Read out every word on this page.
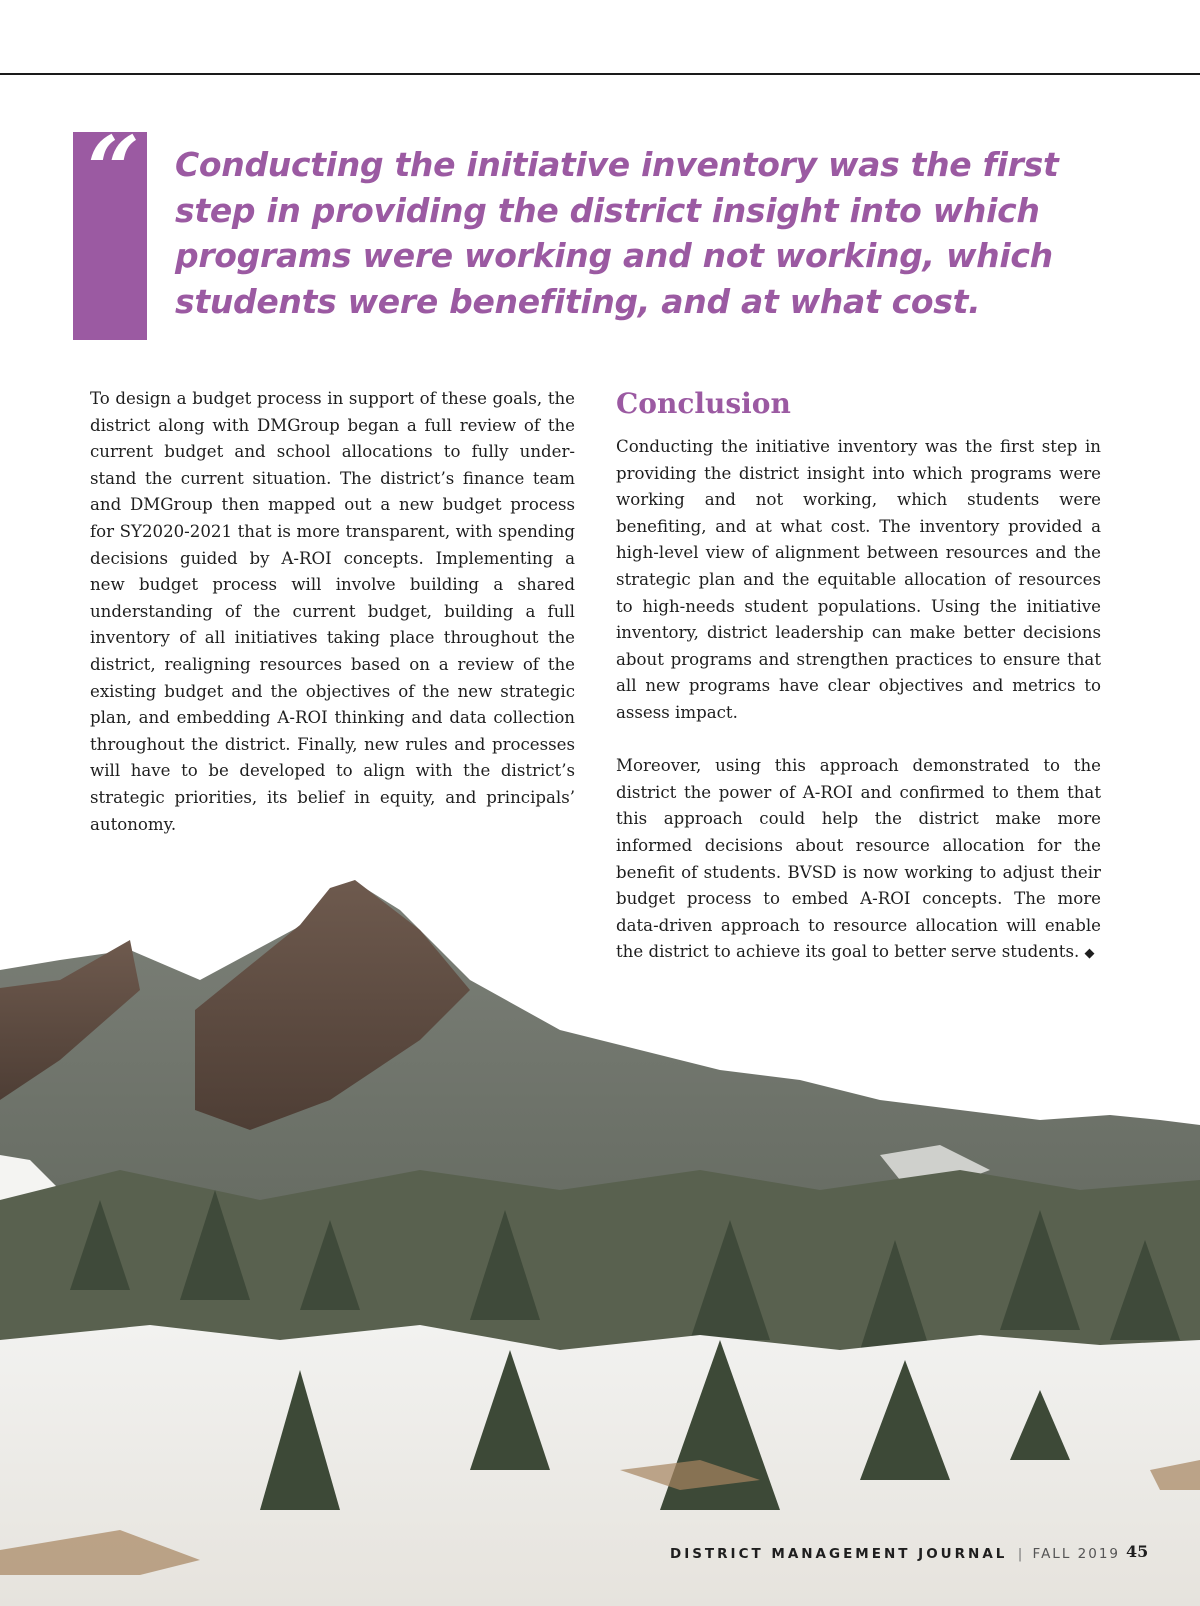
“ Conducting the initiative inventory was the first step in providing the district insight into which programs were working and not working, which students were benefiting, and at what cost.

To design a budget process in support of these goals, the district along with DMGroup began a full review of the current budget and school allocations to fully under-stand the current situation. The district’s finance team and DMGroup then mapped out a new budget process for SY2020-2021 that is more transparent, with spending decisions guided by A-ROI concepts. Implementing a new budget process will involve building a shared understanding of the current budget, building a full inventory of all initiatives taking place throughout the district, realigning resources based on a review of the existing budget and the objectives of the new strategic plan, and embedding A-ROI thinking and data collection throughout the district. Finally, new rules and processes will have to be developed to align with the district’s strategic priorities, its belief in equity, and principals’ autonomy.

Conclusion

Conducting the initiative inventory was the first step in providing the district insight into which programs were working and not working, which students were benefiting, and at what cost. The inventory provided a high-level view of alignment between resources and the strategic plan and the equitable allocation of resources to high-needs student populations. Using the initiative inventory, district leadership can make better decisions about programs and strengthen practices to ensure that all new programs have clear objectives and metrics to assess impact.

Moreover, using this approach demonstrated to the district the power of A-ROI and confirmed to them that this approach could help the district make more informed decisions about resource allocation for the benefit of students. BVSD is now working to adjust their budget process to embed A-ROI concepts. The more data-driven approach to resource allocation will enable the district to achieve its goal to better serve students. ◆

DISTRICT MANAGEMENT JOURNAL | FALL 2019 45
